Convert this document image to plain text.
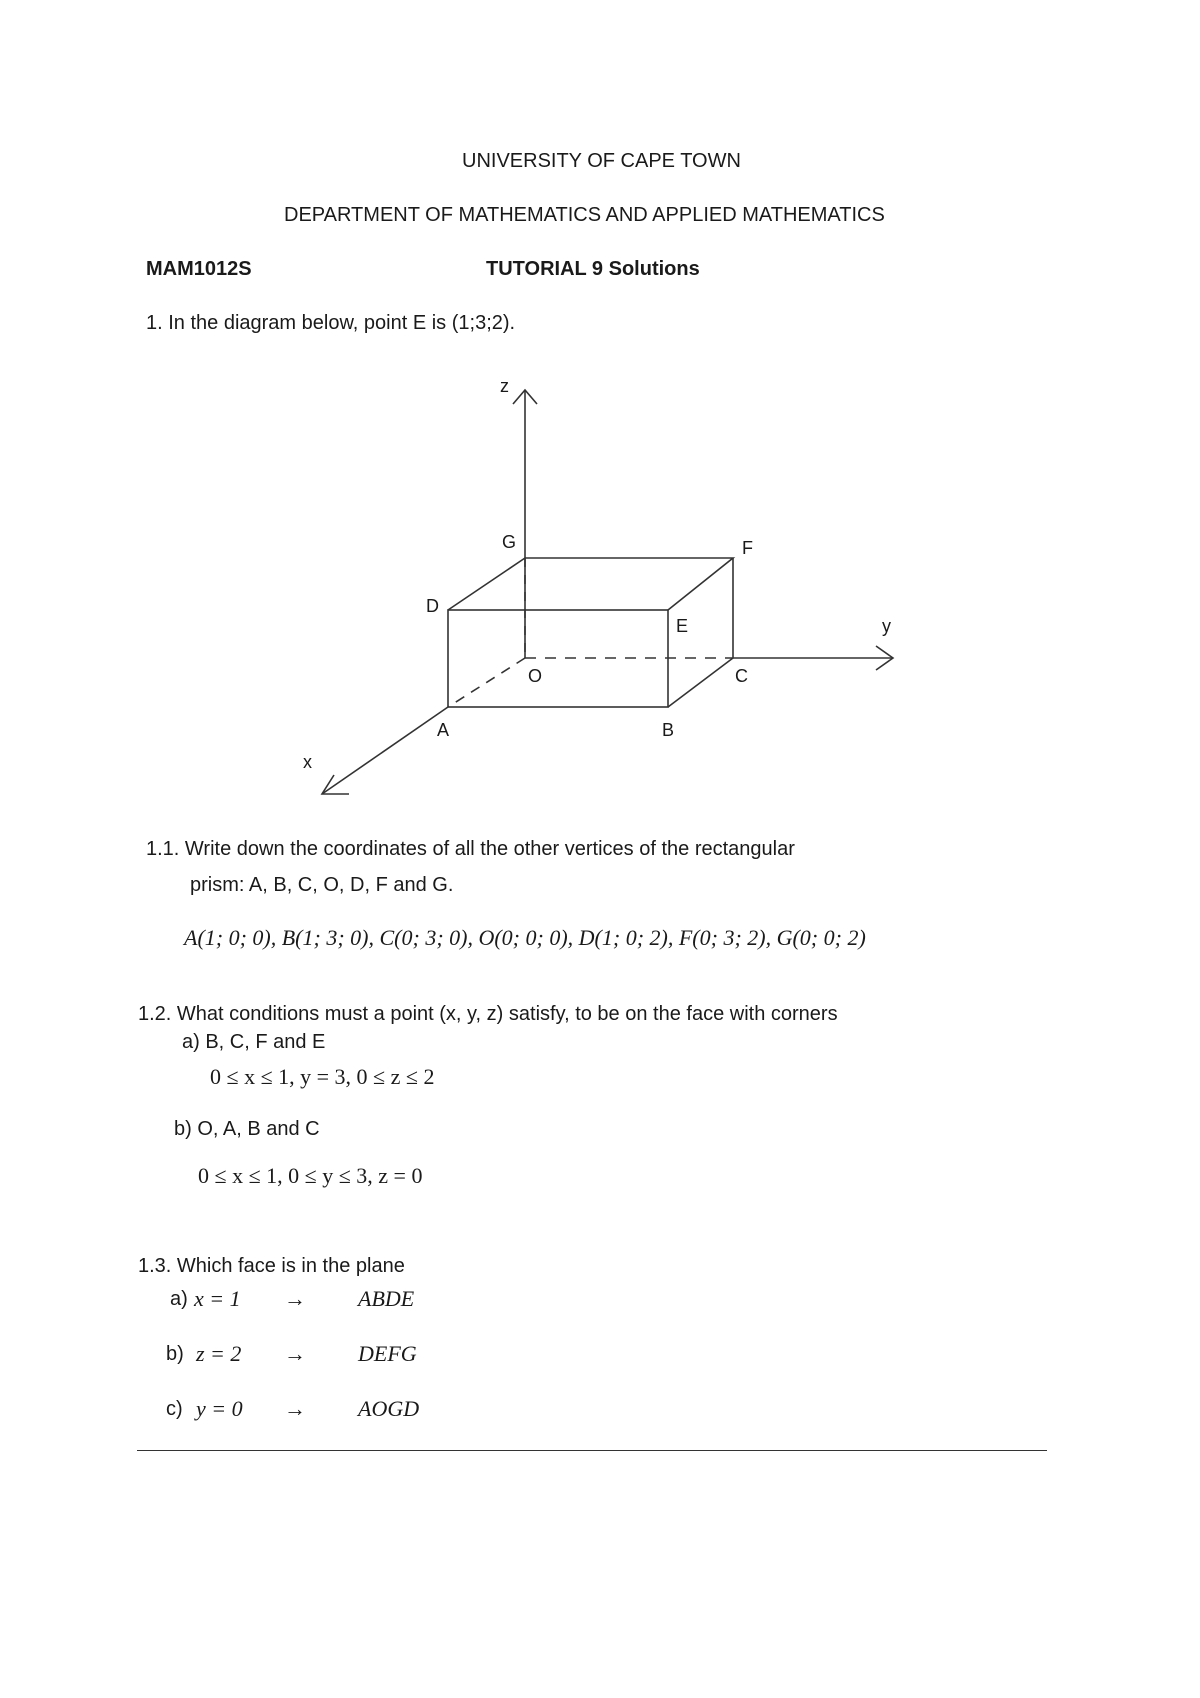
UNIVERSITY OF CAPE TOWN
DEPARTMENT OF MATHEMATICS AND APPLIED MATHEMATICS
MAM1012S	TUTORIAL 9 Solutions
1. In the diagram below, point E is (1;3;2).
z
y
x
G	F
D
E
O	C
A	B
1.1. Write down the coordinates of all the other vertices of the rectangular
prism: A, B, C, O, D, F and G.
A(1; 0; 0), B(1; 3; 0), C(0; 3; 0), O(0; 0; 0), D(1; 0; 2), F(0; 3; 2), G(0; 0; 2)
1.2. What conditions must a point (x, y, z) satisfy, to be on the face with corners
a) B, C, F and E
0 ≤ x ≤ 1, y = 3, 0 ≤ z ≤ 2
b) O, A, B and C
0 ≤ x ≤ 1, 0 ≤ y ≤ 3, z = 0
1.3. Which face is in the plane
a) x = 1 → ABDE
b) z = 2 → DEFG
c) y = 0 → AOGD
